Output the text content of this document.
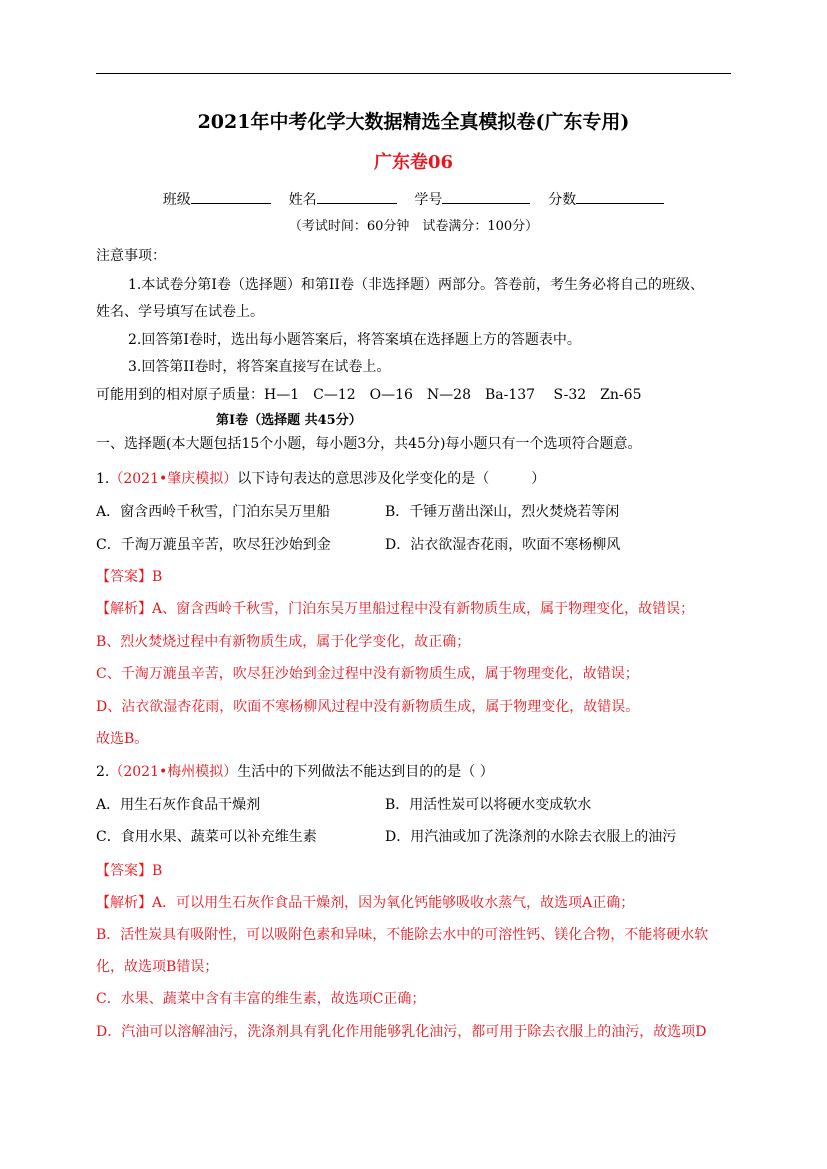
2021年中考化学大数据精选全真模拟卷(广东专用)
广东卷06
班级	姓名	学号	分数
（考试时间：60分钟　试卷满分：100分）
注意事项：
1.本试卷分第I卷（选择题）和第II卷（非选择题）两部分。答卷前，考生务必将自己的班级、
姓名、学号填写在试卷上。
2.回答第I卷时，选出每小题答案后，将答案填在选择题上方的答题表中。
3.回答第II卷时，将答案直接写在试卷上。
可能用到的相对原子质量：H—1　C—12　O—16　N—28　Ba-137　 S-32　Zn-65
第Ⅰ卷（选择题 共45分）
一、选择题(本大题包括15个小题，每小题3分，共45分)每小题只有一个选项符合题意。
1.（2021•肇庆模拟）以下诗句表达的意思涉及化学变化的是（　　　）
A．窗含西岭千秋雪，门泊东吴万里船	B．千锤万凿出深山，烈火焚烧若等闲
C．千淘万漉虽辛苦，吹尽狂沙始到金	D．沾衣欲湿杏花雨，吹面不寒杨柳风
【答案】B
【解析】A、窗含西岭千秋雪，门泊东吴万里船过程中没有新物质生成，属于物理变化，故错误；
B、烈火焚烧过程中有新物质生成，属于化学变化，故正确；
C、千淘万漉虽辛苦，吹尽狂沙始到金过程中没有新物质生成，属于物理变化，故错误；
D、沾衣欲湿杏花雨，吹面不寒杨柳风过程中没有新物质生成，属于物理变化，故错误。
故选B。
2.（2021•梅州模拟）生活中的下列做法不能达到目的的是（ ）
A．用生石灰作食品干燥剂	B．用活性炭可以将硬水变成软水
C．食用水果、蔬菜可以补充维生素	D．用汽油或加了洗涤剂的水除去衣服上的油污
【答案】B
【解析】A．可以用生石灰作食品干燥剂，因为氧化钙能够吸收水蒸气，故选项A正确；
B．活性炭具有吸附性，可以吸附色素和异味，不能除去水中的可溶性钙、镁化合物，不能将硬水软
化，故选项B错误；
C．水果、蔬菜中含有丰富的维生素，故选项C正确；
D．汽油可以溶解油污，洗涤剂具有乳化作用能够乳化油污，都可用于除去衣服上的油污，故选项D
